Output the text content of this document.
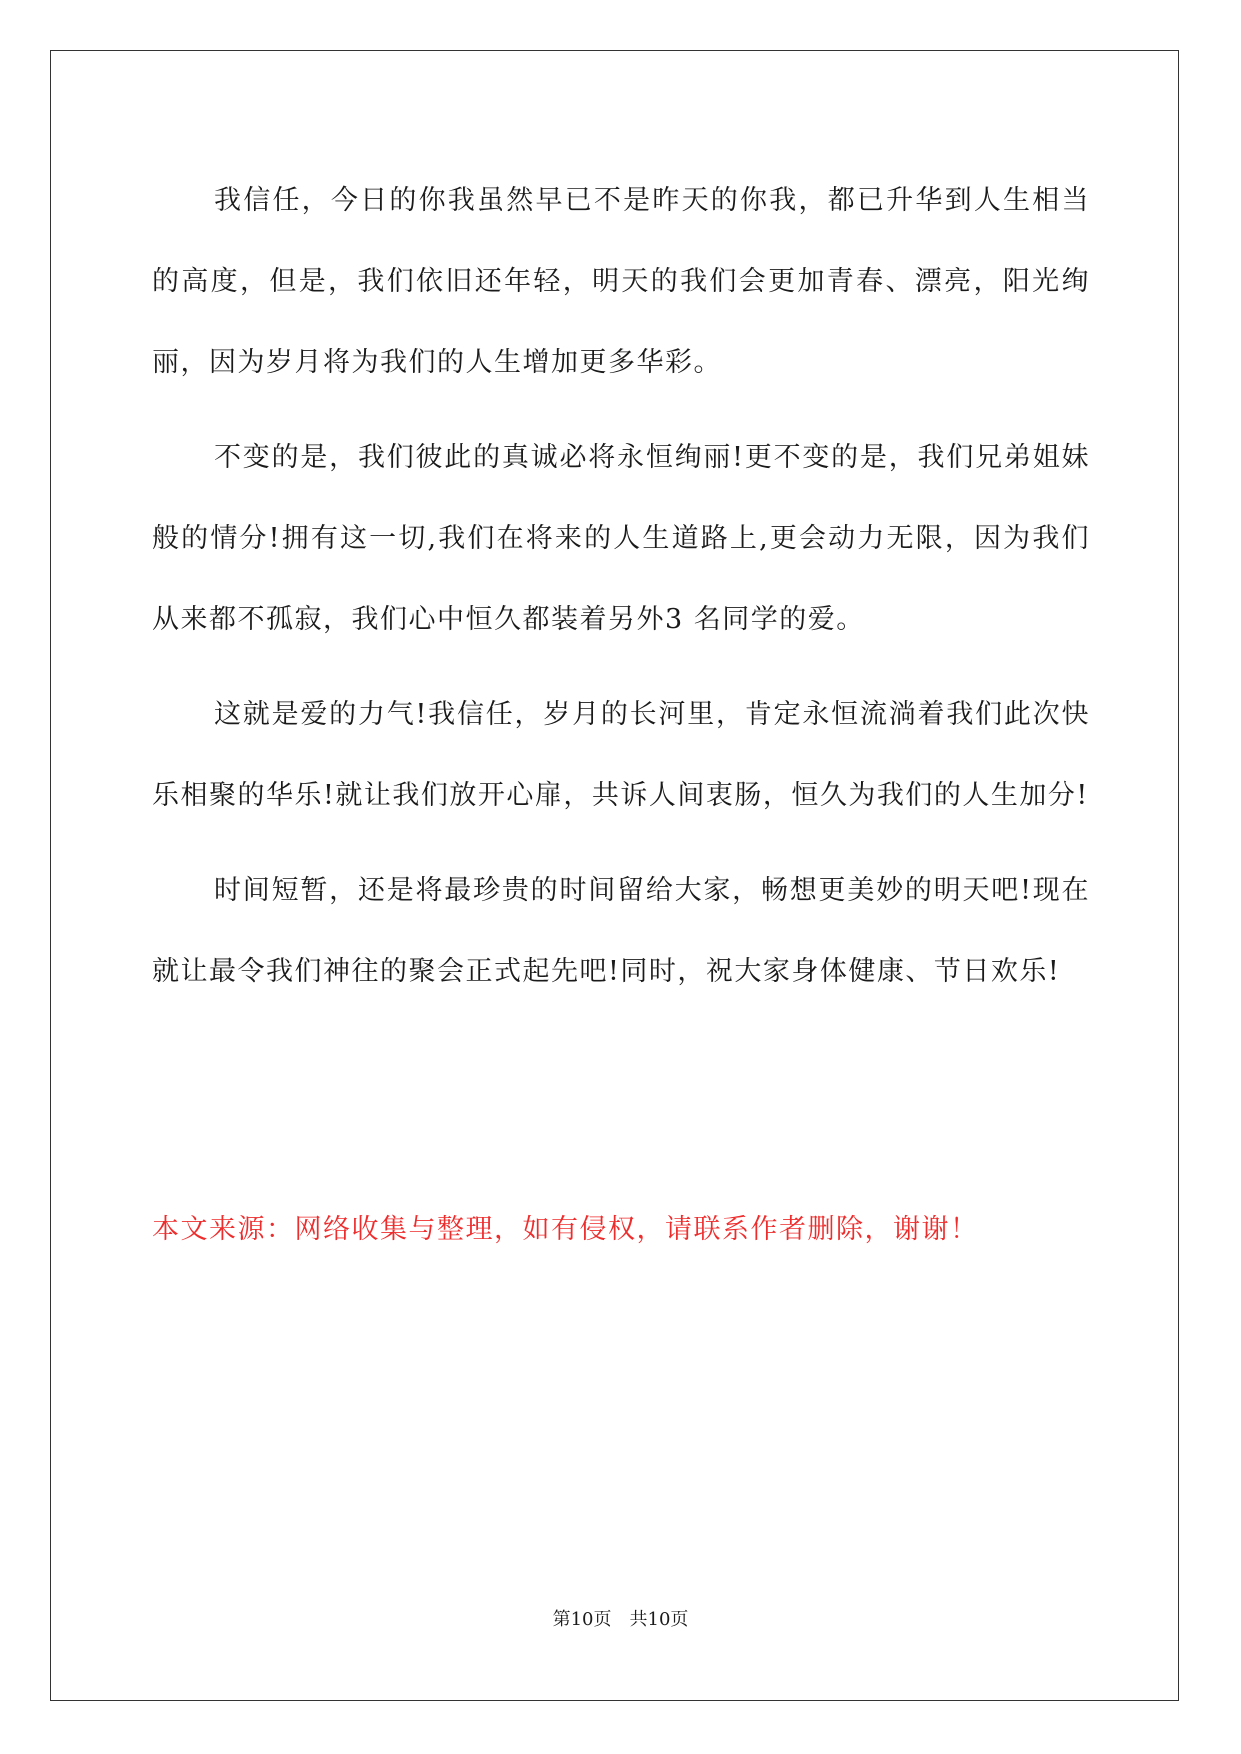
我信任，今日的你我虽然早已不是昨天的你我，都已升华到人生相当的高度，但是，我们依旧还年轻，明天的我们会更加青春、漂亮，阳光绚丽，因为岁月将为我们的人生增加更多华彩。

不变的是，我们彼此的真诚必将永恒绚丽!更不变的是，我们兄弟姐妹般的情分!拥有这一切,我们在将来的人生道路上,更会动力无限，因为我们从来都不孤寂，我们心中恒久都装着另外3 名同学的爱。

这就是爱的力气!我信任，岁月的长河里，肯定永恒流淌着我们此次快乐相聚的华乐!就让我们放开心扉，共诉人间衷肠，恒久为我们的人生加分!

时间短暂，还是将最珍贵的时间留给大家，畅想更美妙的明天吧!现在就让最令我们神往的聚会正式起先吧!同时，祝大家身体健康、节日欢乐!

本文来源：网络收集与整理，如有侵权，请联系作者删除，谢谢！
第10页 共10页
